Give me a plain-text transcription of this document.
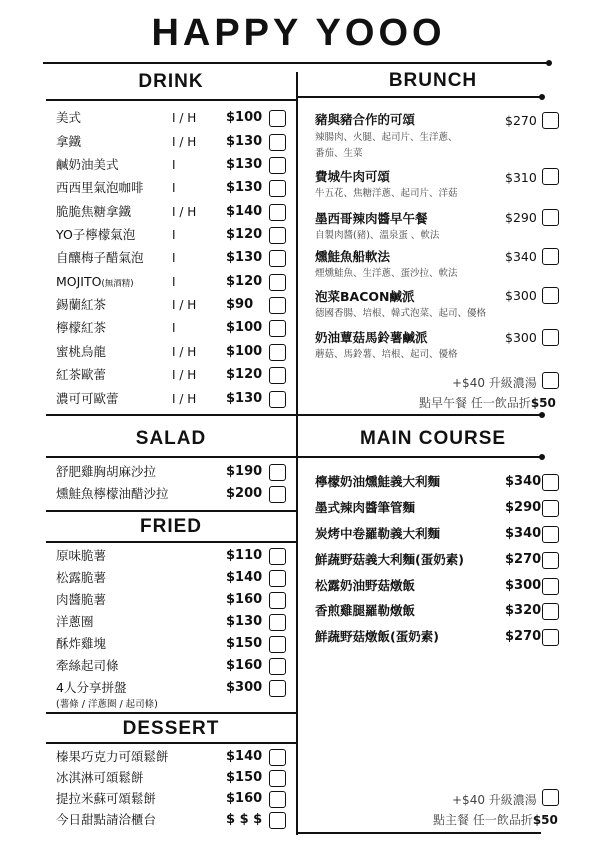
HAPPY YOOO
DRINK
美式	I / H $100
拿鐵	I / H $130
鹹奶油美式	I	$130
西西里氣泡咖啡 I	$130
脆脆焦糖拿鐵	I / H $140
YO子檸檬氣泡	I	$120
自釀梅子醋氣泡 I	$130
MOJITO(無酒精)	I	$120
錫蘭紅茶	I / H $90
檸檬紅茶	I	$100
蜜桃烏龍	I / H $100
紅茶歐蕾	I / H $120
濃可可歐蕾	I / H $130
BRUNCH
豬與豬合作的可頌
辣腸肉、火腿、起司片、生洋蔥、
番茄、生菜
$270
費城牛肉可頌
牛五花、焦糖洋蔥、起司片、洋菇
$310
墨西哥辣肉醬早午餐
自製肉醬(豬)、溫泉蛋 、軟法
$290
燻鮭魚船軟法
煙燻鮭魚、生洋蔥、蛋沙拉、軟法
$340
泡菜BACON鹹派
德國香腸、培根、韓式泡菜、起司、優格
$300
奶油蕈菇馬鈴薯鹹派
蘑菇、馬鈴薯、培根、起司、優格
$300
+$40 升級濃湯
點早午餐 任一飲品折$50
SALAD
舒肥雞胸胡麻沙拉	$190
燻鮭魚檸檬油醋沙拉	$200
FRIED
原味脆薯	$110
松露脆薯	$140
肉醬脆薯	$160
洋蔥圈	$130
酥炸雞塊	$150
牽絲起司條	$160
4人分享拼盤	$300
(薯條 / 洋蔥圈 / 起司條)
DESSERT
榛果巧克力可頌鬆餅	$140
冰淇淋可頌鬆餅	$150
提拉米蘇可頌鬆餅	$160
今日甜點請洽櫃台	$ $ $
MAIN COURSE
檸檬奶油燻鮭義大利麵	$340
墨式辣肉醬筆管麵	$290
炭烤中卷羅勒義大利麵	$340
鮮蔬野菇義大利麵(蛋奶素)	$270
松露奶油野菇燉飯	$300
香煎雞腿羅勒燉飯	$320
鮮蔬野菇燉飯(蛋奶素)	$270
+$40 升級濃湯
點主餐 任一飲品折$50
